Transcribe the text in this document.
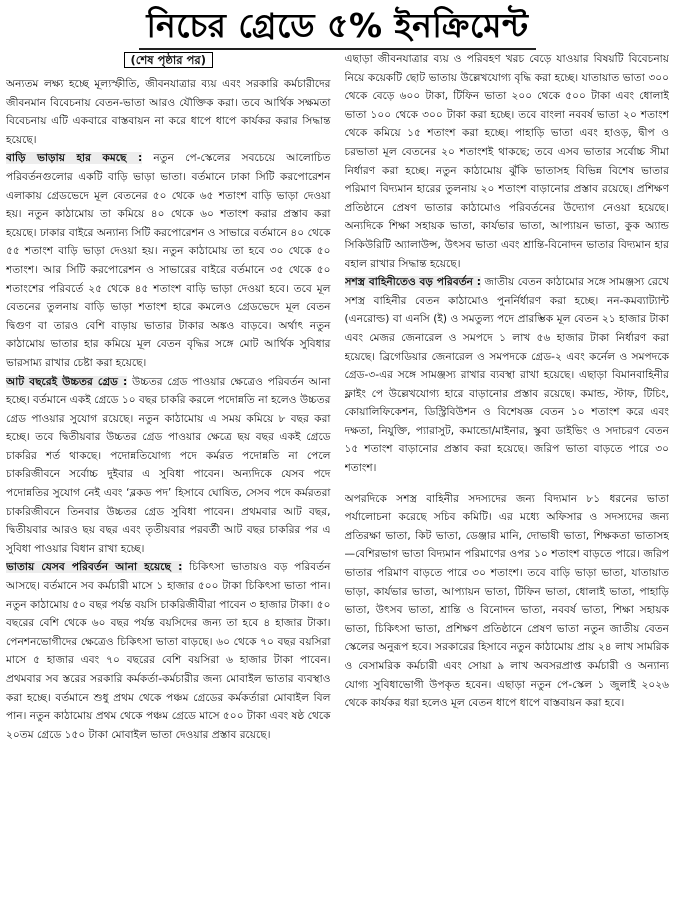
নিচের গ্রেডে ৫% ইনক্রিমেন্ট
(শেষ পৃষ্ঠার পর)

অন্যতম লক্ষ্য হচ্ছে মূল্যস্ফীতি, জীবনযাত্রার ব্যয় এবং সরকারি কর্মচারীদের জীবনমান বিবেচনায় বেতন-ভাতা আরও যৌক্তিক করা। তবে আর্থিক সক্ষমতা বিবেচনায় এটি একবারে বাস্তবায়ন না করে ধাপে ধাপে কার্যকর করার সিদ্ধান্ত হয়েছে।

বাড়ি ভাড়ায় হার কমছে : নতুন পে-স্কেলের সবচেয়ে আলোচিত পরিবর্তনগুলোর একটি বাড়ি ভাড়া ভাতা। বর্তমানে ঢাকা সিটি করপোরেশন এলাকায় গ্রেডভেদে মূল বেতনের ৫০ থেকে ৬৫ শতাংশ বাড়ি ভাড়া দেওয়া হয়। নতুন কাঠামোয় তা কমিয়ে ৪০ থেকে ৬০ শতাংশ করার প্রস্তাব করা হয়েছে। ঢাকার বাইরে অন্যান্য সিটি করপোরেশন ও সাভারে বর্তমানে ৪০ থেকে ৫৫ শতাংশ বাড়ি ভাড়া দেওয়া হয়। নতুন কাঠামোয় তা হবে ৩০ থেকে ৫০ শতাংশ। আর সিটি করপোরেশন ও সাভারের বাইরে বর্তমানে ৩৫ থেকে ৫০ শতাংশের পরিবর্তে ২৫ থেকে ৪৫ শতাংশ বাড়ি ভাড়া দেওয়া হবে। তবে মূল বেতনের তুলনায় বাড়ি ভাড়া শতাংশ হারে কমলেও গ্রেডভেদে মূল বেতন দ্বিগুণ বা তারও বেশি বাড়ায় ভাতার টাকার অঙ্কও বাড়বে। অর্থাৎ নতুন কাঠামোয় ভাতার হার কমিয়ে মূল বেতন বৃদ্ধির সঙ্গে মোট আর্থিক সুবিধার ভারসাম্য রাখার চেষ্টা করা হয়েছে।

আট বছরেই উচ্চতর গ্রেড : উচ্চতর গ্রেড পাওয়ার ক্ষেত্রেও পরিবর্তন আনা হচ্ছে। বর্তমানে একই গ্রেডে ১০ বছর চাকরি করলে পদোন্নতি না হলেও উচ্চতর গ্রেড পাওয়ার সুযোগ রয়েছে। নতুন কাঠামোয় এ সময় কমিয়ে ৮ বছর করা হচ্ছে। তবে দ্বিতীয়বার উচ্চতর গ্রেড পাওয়ার ক্ষেত্রে ছয় বছর একই গ্রেডে চাকরির শর্ত থাকছে। পদোন্নতিযোগ্য পদে কর্মরত পদোন্নতি না পেলে চাকরিজীবনে সর্বোচ্চ দুইবার এ সুবিধা পাবেন। অন্যদিকে যেসব পদে পদোন্নতির সুযোগ নেই এবং ‘ব্লকড পদ’ হিসাবে ঘোষিত, সেসব পদে কর্মরতরা চাকরিজীবনে তিনবার উচ্চতর গ্রেড সুবিধা পাবেন। প্রথমবার আট বছর, দ্বিতীয়বার আরও ছয় বছর এবং তৃতীয়বার পরবর্তী আট বছর চাকরির পর এ সুবিধা পাওয়ার বিধান রাখা হচ্ছে।

ভাতায় যেসব পরিবর্তন আনা হয়েছে : চিকিৎসা ভাতায়ও বড় পরিবর্তন আসছে। বর্তমানে সব কর্মচারী মাসে ১ হাজার ৫০০ টাকা চিকিৎসা ভাতা পান। নতুন কাঠামোয় ৫০ বছর পর্যন্ত বয়সি চাকরিজীবীরা পাবেন ৩ হাজার টাকা। ৫০ বছরের বেশি থেকে ৬০ বছর পর্যন্ত বয়সিদের জন্য তা হবে ৪ হাজার টাকা। পেনশনভোগীদের ক্ষেত্রেও চিকিৎসা ভাতা বাড়ছে। ৬০ থেকে ৭০ বছর বয়সিরা মাসে ৫ হাজার এবং ৭০ বছরের বেশি বয়সিরা ৬ হাজার টাকা পাবেন। প্রথমবার সব স্তরের সরকারি কর্মকর্তা-কর্মচারীর জন্য মোবাইল ভাতার ব্যবস্থাও করা হচ্ছে। বর্তমানে শুধু প্রথম থেকে পঞ্চম গ্রেডের কর্মকর্তারা মোবাইল বিল পান। নতুন কাঠামোয় প্রথম থেকে পঞ্চম গ্রেডে মাসে ৫০০ টাকা এবং ষষ্ঠ থেকে ২০তম গ্রেডে ১৫০ টাকা মোবাইল ভাতা দেওয়ার প্রস্তাব রয়েছে।

এছাড়া জীবনযাত্রার ব্যয় ও পরিবহণ খরচ বেড়ে যাওয়ার বিষয়টি বিবেচনায় নিয়ে কয়েকটি ছোট ভাতায় উল্লেখযোগ্য বৃদ্ধি করা হচ্ছে। যাতায়াত ভাতা ৩০০ থেকে বেড়ে ৬০০ টাকা, টিফিন ভাতা ২০০ থেকে ৫০০ টাকা এবং ধোলাই ভাতা ১০০ থেকে ৩০০ টাকা করা হচ্ছে। তবে বাংলা নববর্ষ ভাতা ২০ শতাংশ থেকে কমিয়ে ১৫ শতাংশ করা হচ্ছে। পাহাড়ি ভাতা এবং হাওড়, দ্বীপ ও চরভাতা মূল বেতনের ২০ শতাংশই থাকছে; তবে এসব ভাতার সর্বোচ্চ সীমা নির্ধারণ করা হচ্ছে। নতুন কাঠামোয় ঝুঁকি ভাতাসহ বিভিন্ন বিশেষ ভাতার পরিমাণ বিদ্যমান হারের তুলনায় ২০ শতাংশ বাড়ানোর প্রস্তাব রয়েছে। প্রশিক্ষণ প্রতিষ্ঠানে প্রেষণ ভাতার কাঠামোও পরিবর্তনের উদ্যোগ নেওয়া হয়েছে। অন্যদিকে শিক্ষা সহায়ক ভাতা, কার্যভার ভাতা, আপ্যায়ন ভাতা, কুক অ্যান্ড সিকিউরিটি অ্যালাউন্স, উৎসব ভাতা এবং শ্রান্তি-বিনোদন ভাতার বিদ্যমান হার বহাল রাখার সিদ্ধান্ত হয়েছে।

সশস্ত্র বাহিনীতেও বড় পরিবর্তন : জাতীয় বেতন কাঠামোর সঙ্গে সামঞ্জস্য রেখে সশস্ত্র বাহিনীর বেতন কাঠামোও পুনর্নির্ধারণ করা হচ্ছে। নন-কমব্যাট্যান্ট (এনরোল্ড) বা এনসি (ই) ও সমতুল্য পদে প্রারম্ভিক মূল বেতন ২১ হাজার টাকা এবং মেজর জেনারেল ও সমপদে ১ লাখ ৫৬ হাজার টাকা নির্ধারণ করা হয়েছে। ব্রিগেডিয়ার জেনারেল ও সমপদকে গ্রেড-২ এবং কর্নেল ও সমপদকে গ্রেড-৩-এর সঙ্গে সামঞ্জস্য রাখার ব্যবস্থা রাখা হয়েছে। এছাড়া বিমানবাহিনীর ফ্লাইং পে উল্লেখযোগ্য হারে বাড়ানোর প্রস্তাব রয়েছে। কমান্ড, স্টাফ, টিচিং, কোয়ালিফিকেশন, ডিস্ট্রিবিউশন ও বিশেষজ্ঞ বেতন ১০ শতাংশ করে এবং দক্ষতা, নিযুক্তি, প্যারাসুট, কমান্ডো/মাইনার, স্কুবা ডাইভিং ও সদাচরণ বেতন ১৫ শতাংশ বাড়ানোর প্রস্তাব করা হয়েছে। জরিপ ভাতা বাড়তে পারে ৩০ শতাংশ।

অপরদিকে সশস্ত্র বাহিনীর সদস্যদের জন্য বিদ্যমান ৮১ ধরনের ভাতা পর্যালোচনা করেছে সচিব কমিটি। এর মধ্যে অফিসার ও সদস্যদের জন্য প্রতিরক্ষা ভাতা, কিট ভাতা, ডেঞ্জার মানি, দোভাষী ভাতা, শিক্ষকতা ভাতাসহ—বেশিরভাগ ভাতা বিদ্যমান পরিমাণের ওপর ১০ শতাংশ বাড়তে পারে। জরিপ ভাতার পরিমাণ বাড়তে পারে ৩০ শতাংশ। তবে বাড়ি ভাড়া ভাতা, যাতায়াত ভাড়া, কার্যভার ভাতা, আপ্যায়ন ভাতা, টিফিন ভাতা, ধোলাই ভাতা, পাহাড়ি ভাতা, উৎসব ভাতা, শ্রান্তি ও বিনোদন ভাতা, নববর্ষ ভাতা, শিক্ষা সহায়ক ভাতা, চিকিৎসা ভাতা, প্রশিক্ষণ প্রতিষ্ঠানে প্রেষণ ভাতা নতুন জাতীয় বেতন স্কেলের অনুরূপ হবে। সরকারের হিসাবে নতুন কাঠামোয় প্রায় ২৪ লাখ সামরিক ও বেসামরিক কর্মচারী এবং সোয়া ৯ লাখ অবসরপ্রাপ্ত কর্মচারী ও অন্যান্য যোগ্য সুবিধাভোগী উপকৃত হবেন। এছাড়া নতুন পে-স্কেল ১ জুলাই ২০২৬ থেকে কার্যকর ধরা হলেও মূল বেতন ধাপে ধাপে বাস্তবায়ন করা হবে।
